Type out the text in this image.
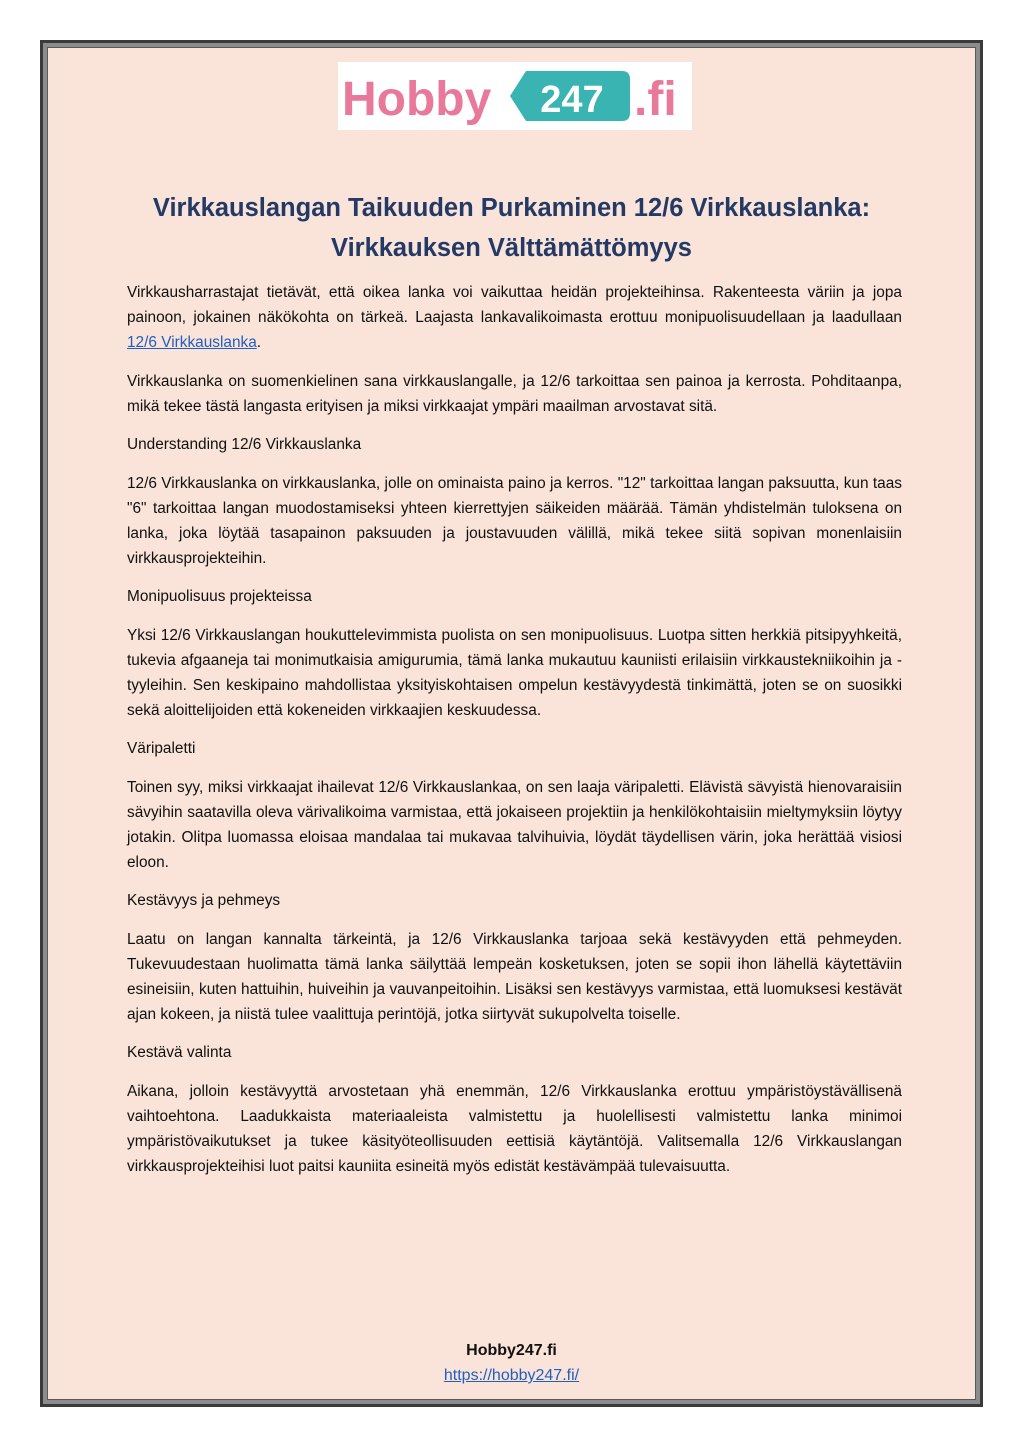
Hobby 247 .fi
Virkkauslangan Taikuuden Purkaminen 12/6 Virkkauslanka: Virkkauksen Välttämättömyys

Virkkausharrastajat tietävät, että oikea lanka voi vaikuttaa heidän projekteihinsa. Rakenteesta väriin ja jopa painoon, jokainen näkökohta on tärkeä. Laajasta lankavalikoimasta erottuu monipuolisuudellaan ja laadullaan 12/6 Virkkauslanka.

Virkkauslanka on suomenkielinen sana virkkauslangalle, ja 12/6 tarkoittaa sen painoa ja kerrosta. Pohditaanpa, mikä tekee tästä langasta erityisen ja miksi virkkaajat ympäri maailman arvostavat sitä.

Understanding 12/6 Virkkauslanka

12/6 Virkkauslanka on virkkauslanka, jolle on ominaista paino ja kerros. "12" tarkoittaa langan paksuutta, kun taas "6" tarkoittaa langan muodostamiseksi yhteen kierrettyjen säikeiden määrää. Tämän yhdistelmän tuloksena on lanka, joka löytää tasapainon paksuuden ja joustavuuden välillä, mikä tekee siitä sopivan monenlaisiin virkkausprojekteihin.

Monipuolisuus projekteissa

Yksi 12/6 Virkkauslangan houkuttelevimmista puolista on sen monipuolisuus. Luotpa sitten herkkiä pitsipyyhkeitä, tukevia afgaaneja tai monimutkaisia amigurumia, tämä lanka mukautuu kauniisti erilaisiin virkkaustekniikoihin ja -tyyleihin. Sen keskipaino mahdollistaa yksityiskohtaisen ompelun kestävyydestä tinkimättä, joten se on suosikki sekä aloittelijoiden että kokeneiden virkkaajien keskuudessa.

Väripaletti

Toinen syy, miksi virkkaajat ihailevat 12/6 Virkkauslankaa, on sen laaja väripaletti. Elävistä sävyistä hienovaraisiin sävyihin saatavilla oleva värivalikoima varmistaa, että jokaiseen projektiin ja henkilökohtaisiin mieltymyksiin löytyy jotakin. Olitpa luomassa eloisaa mandalaa tai mukavaa talvihuivia, löydät täydellisen värin, joka herättää visiosi eloon.

Kestävyys ja pehmeys

Laatu on langan kannalta tärkeintä, ja 12/6 Virkkauslanka tarjoaa sekä kestävyyden että pehmeyden. Tukevuudestaan huolimatta tämä lanka säilyttää lempeän kosketuksen, joten se sopii ihon lähellä käytettäviin esineisiin, kuten hattuihin, huiveihin ja vauvanpeitoihin. Lisäksi sen kestävyys varmistaa, että luomuksesi kestävät ajan kokeen, ja niistä tulee vaalittuja perintöjä, jotka siirtyvät sukupolvelta toiselle.

Kestävä valinta

Aikana, jolloin kestävyyttä arvostetaan yhä enemmän, 12/6 Virkkauslanka erottuu ympäristöystävällisenä vaihtoehtona. Laadukkaista materiaaleista valmistettu ja huolellisesti valmistettu lanka minimoi ympäristövaikutukset ja tukee käsityöteollisuuden eettisiä käytäntöjä. Valitsemalla 12/6 Virkkauslangan virkkausprojekteihisi luot paitsi kauniita esineitä myös edistät kestävämpää tulevaisuutta.

Hobby247.fi
https://hobby247.fi/
